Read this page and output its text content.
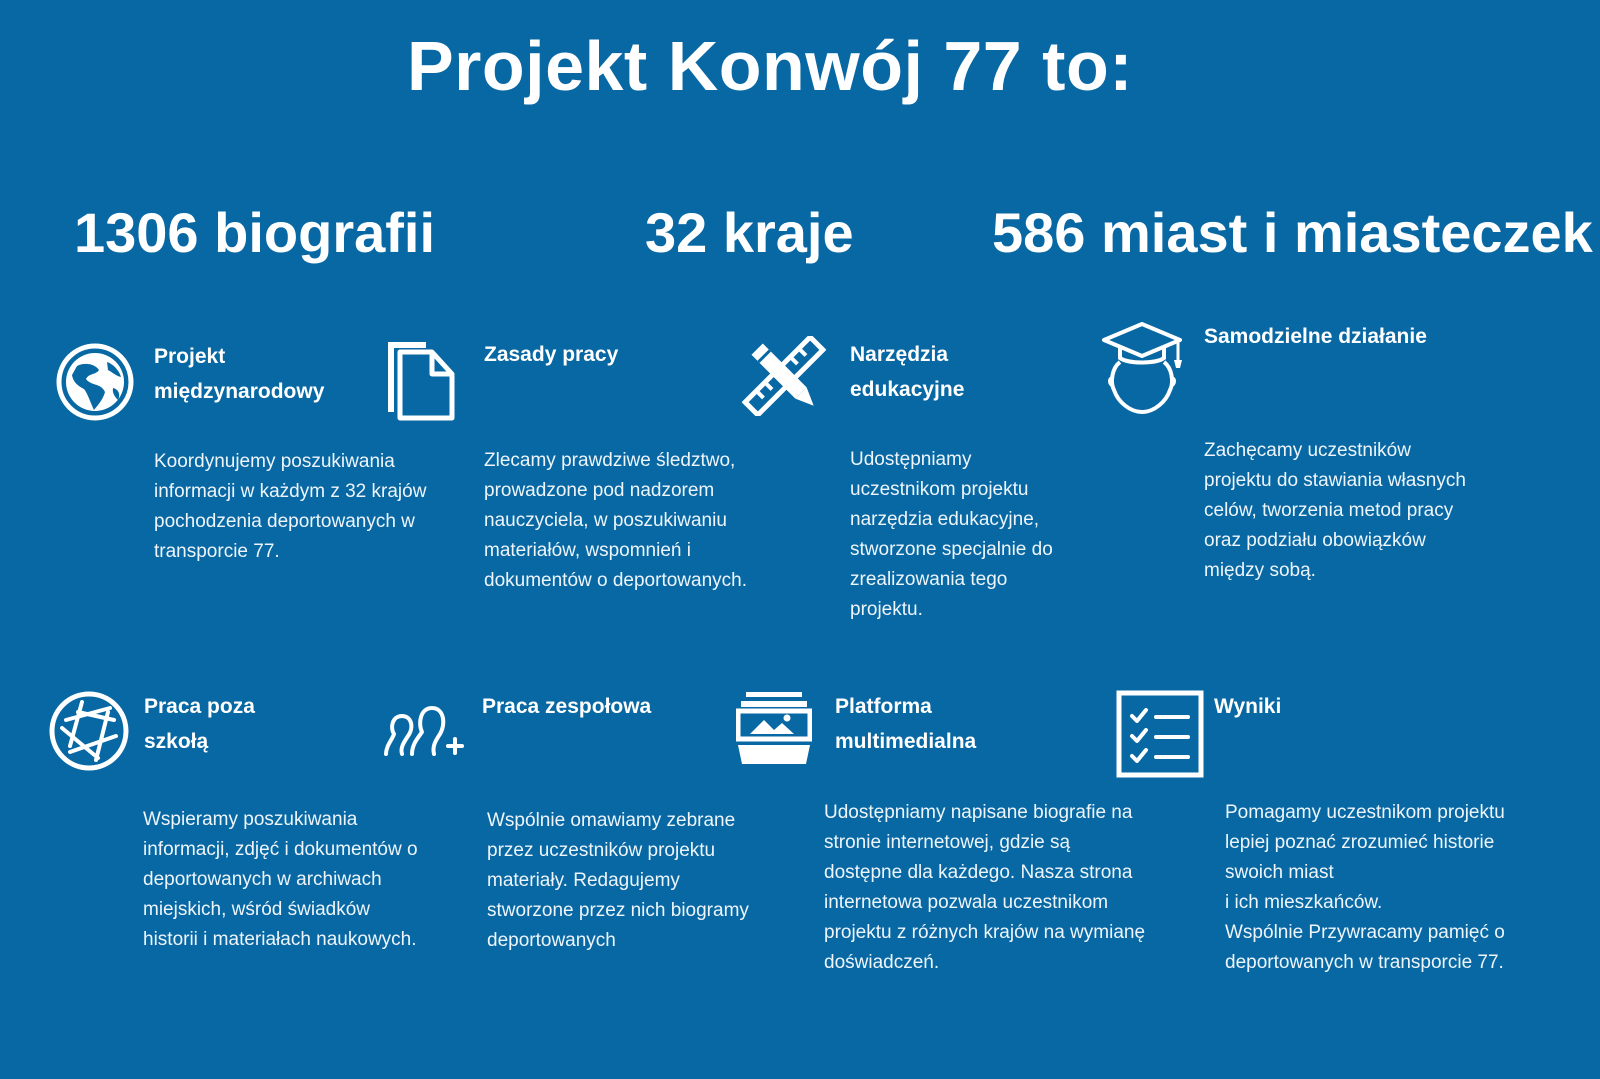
Projekt Konwój 77 to:
1306 biografii	32 kraje 586 miast i miasteczek
Projekt
międzynarodowy
Koordynujemy poszukiwania
informacji w każdym z 32 krajów
pochodzenia deportowanych w
transporcie 77.
Zasady pracy
Zlecamy prawdziwe śledztwo,
prowadzone pod nadzorem
nauczyciela, w poszukiwaniu
materiałów, wspomnień i
dokumentów o deportowanych.
Narzędzia
edukacyjne
Udostępniamy
uczestnikom projektu
narzędzia edukacyjne,
stworzone specjalnie do
zrealizowania tego
projektu.
Samodzielne działanie
Zachęcamy uczestników
projektu do stawiania własnych
celów, tworzenia metod pracy
oraz podziału obowiązków
między sobą.
Praca poza
szkołą
Wspieramy poszukiwania
informacji, zdjęć i dokumentów o
deportowanych w archiwach
miejskich, wśród świadków
historii i materiałach naukowych.
Praca zespołowa
Wspólnie omawiamy zebrane
przez uczestników projektu
materiały. Redagujemy
stworzone przez nich biogramy
deportowanych
Platforma
multimedialna
Udostępniamy napisane biografie na
stronie internetowej, gdzie są
dostępne dla każdego. Nasza strona
internetowa pozwala uczestnikom
projektu z różnych krajów na wymianę
doświadczeń.
Wyniki
Pomagamy uczestnikom projektu
lepiej poznać zrozumieć historie
swoich miast
i ich mieszkańców.
Wspólnie Przywracamy pamięć o
deportowanych w transporcie 77.
